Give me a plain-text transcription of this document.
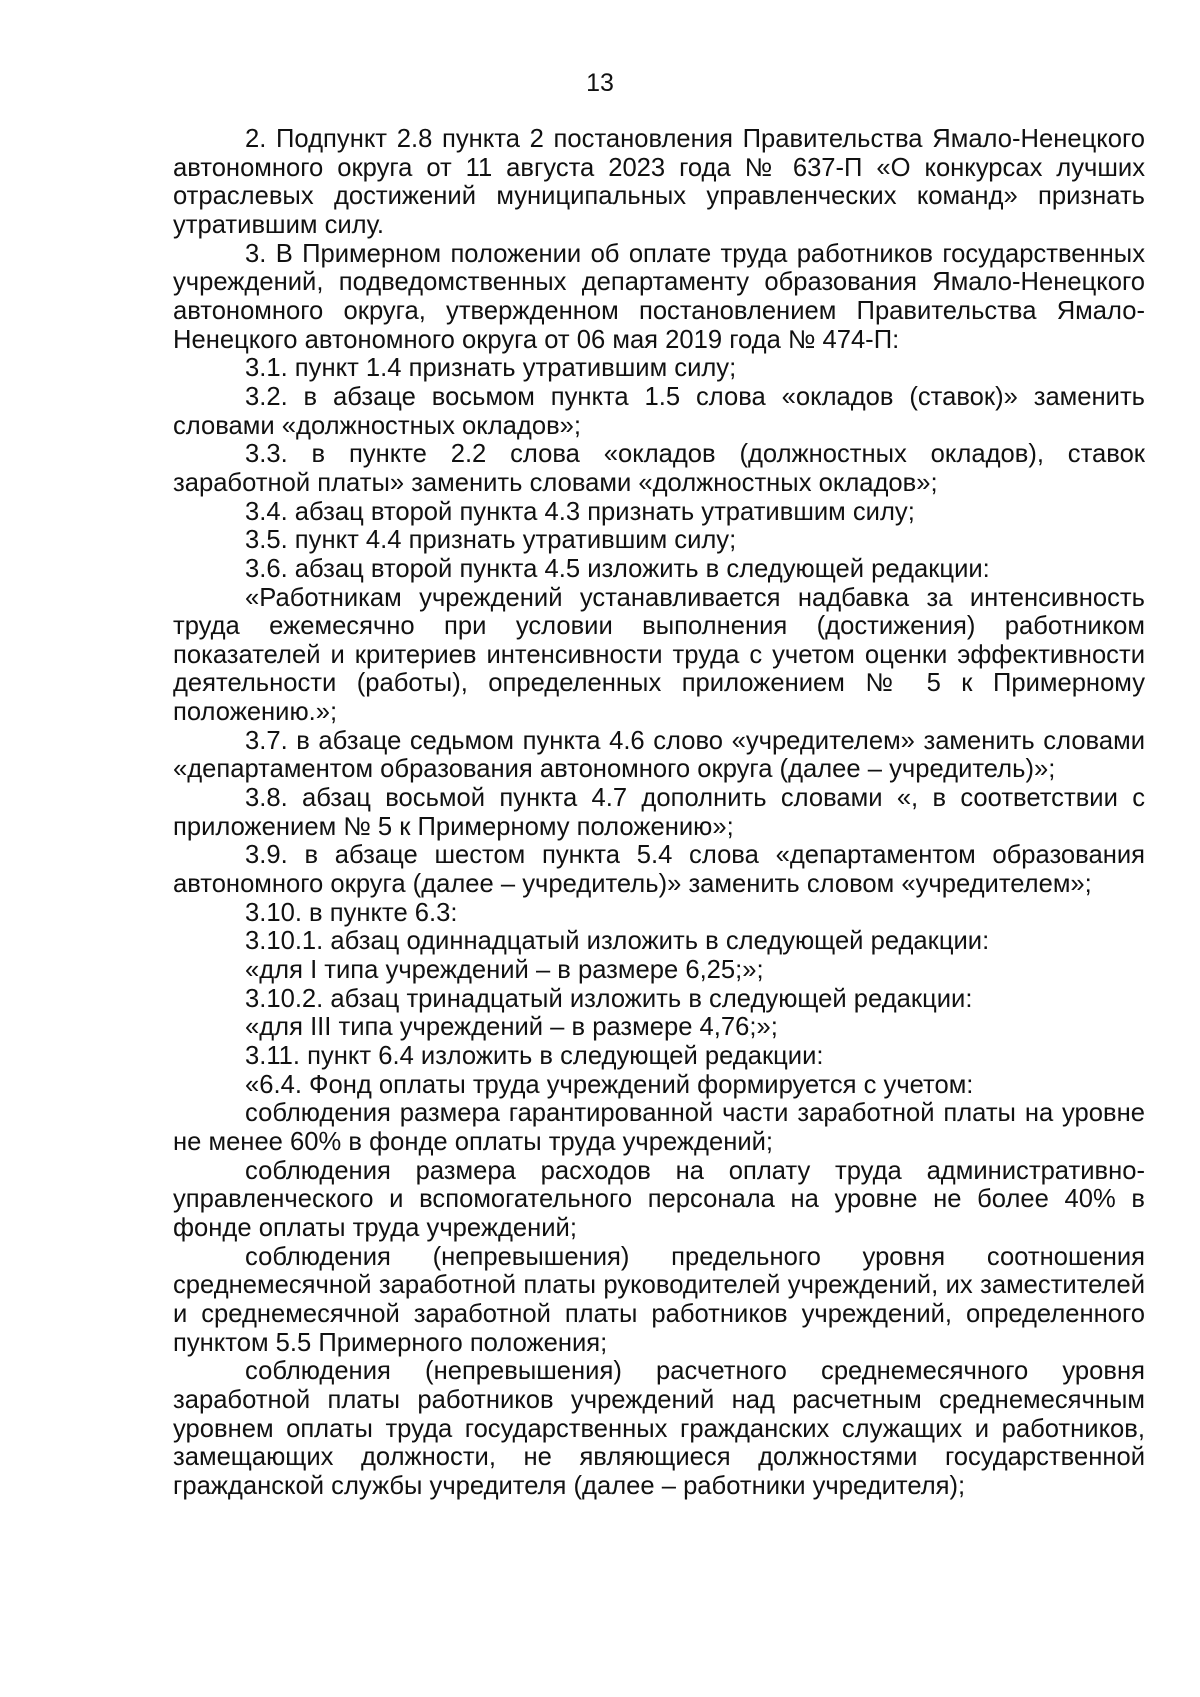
13

2. Подпункт 2.8 пункта 2 постановления Правительства Ямало-Ненецкого автономного округа от 11 августа 2023 года № 637-П «О конкурсах лучших отраслевых достижений муниципальных управленческих команд» признать утратившим силу.

3. В Примерном положении об оплате труда работников государственных учреждений, подведомственных департаменту образования Ямало-Ненецкого автономного округа, утвержденном постановлением Правительства Ямало-Ненецкого автономного округа от 06 мая 2019 года № 474-П:

3.1. пункт 1.4 признать утратившим силу;

3.2. в абзаце восьмом пункта 1.5 слова «окладов (ставок)» заменить словами «должностных окладов»;

3.3. в пункте 2.2 слова «окладов (должностных окладов), ставок заработной платы» заменить словами «должностных окладов»;

3.4. абзац второй пункта 4.3 признать утратившим силу;

3.5. пункт 4.4 признать утратившим силу;

3.6. абзац второй пункта 4.5 изложить в следующей редакции:

«Работникам учреждений устанавливается надбавка за интенсивность труда ежемесячно при условии выполнения (достижения) работником показателей и критериев интенсивности труда с учетом оценки эффективности деятельности (работы), определенных приложением № 5 к Примерному положению.»;

3.7. в абзаце седьмом пункта 4.6 слово «учредителем» заменить словами «департаментом образования автономного округа (далее – учредитель)»;

3.8. абзац восьмой пункта 4.7 дополнить словами «, в соответствии с приложением № 5 к Примерному положению»;

3.9. в абзаце шестом пункта 5.4 слова «департаментом образования автономного округа (далее – учредитель)» заменить словом «учредителем»;

3.10. в пункте 6.3:

3.10.1. абзац одиннадцатый изложить в следующей редакции:

«для I типа учреждений – в размере 6,25;»;

3.10.2. абзац тринадцатый изложить в следующей редакции:

«для III типа учреждений – в размере 4,76;»;

3.11. пункт 6.4 изложить в следующей редакции:

«6.4. Фонд оплаты труда учреждений формируется с учетом:

соблюдения размера гарантированной части заработной платы на уровне не менее 60% в фонде оплаты труда учреждений;

соблюдения размера расходов на оплату труда административно-управленческого и вспомогательного персонала на уровне не более 40% в фонде оплаты труда учреждений;

соблюдения (непревышения) предельного уровня соотношения среднемесячной заработной платы руководителей учреждений, их заместителей и среднемесячной заработной платы работников учреждений, определенного пунктом 5.5 Примерного положения;

соблюдения (непревышения) расчетного среднемесячного уровня заработной платы работников учреждений над расчетным среднемесячным уровнем оплаты труда государственных гражданских служащих и работников, замещающих должности, не являющиеся должностями государственной гражданской службы учредителя (далее – работники учредителя);
